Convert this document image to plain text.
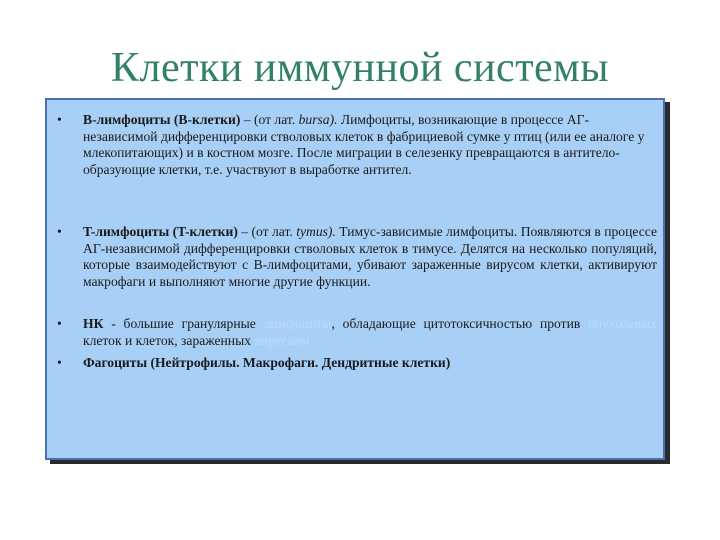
Клетки иммунной системы
• B-лимфоциты (B-клетки) – (от лат. bursa). Лимфоциты, возникающие в процессе АГ-независимой дифференцировки стволовых клеток в фабрициевой сумке у птиц (или ее аналоге у млекопитающих) и в костном мозге. После миграции в селезенку превращаются в антитело-образующие клетки, т.е. участвуют в выработке антител.
• T-лимфоциты (T-клетки) – (от лат. tymus). Тимус-зависимые лимфоциты. Появляются в процессе АГ-независимой дифференцировки стволовых клеток в тимусе. Делятся на несколько популяций, которые взаимодействуют с B-лимфоцитами, убивают зараженные вирусом клетки, активируют макрофаги и выполняют многие другие функции.
• НК - большие гранулярные лимфоциты, обладающие цитотоксичностью против опухолевых клеток и клеток, зараженных вирусами
• Фагоциты (Нейтрофилы. Макрофаги. Дендритные клетки)
